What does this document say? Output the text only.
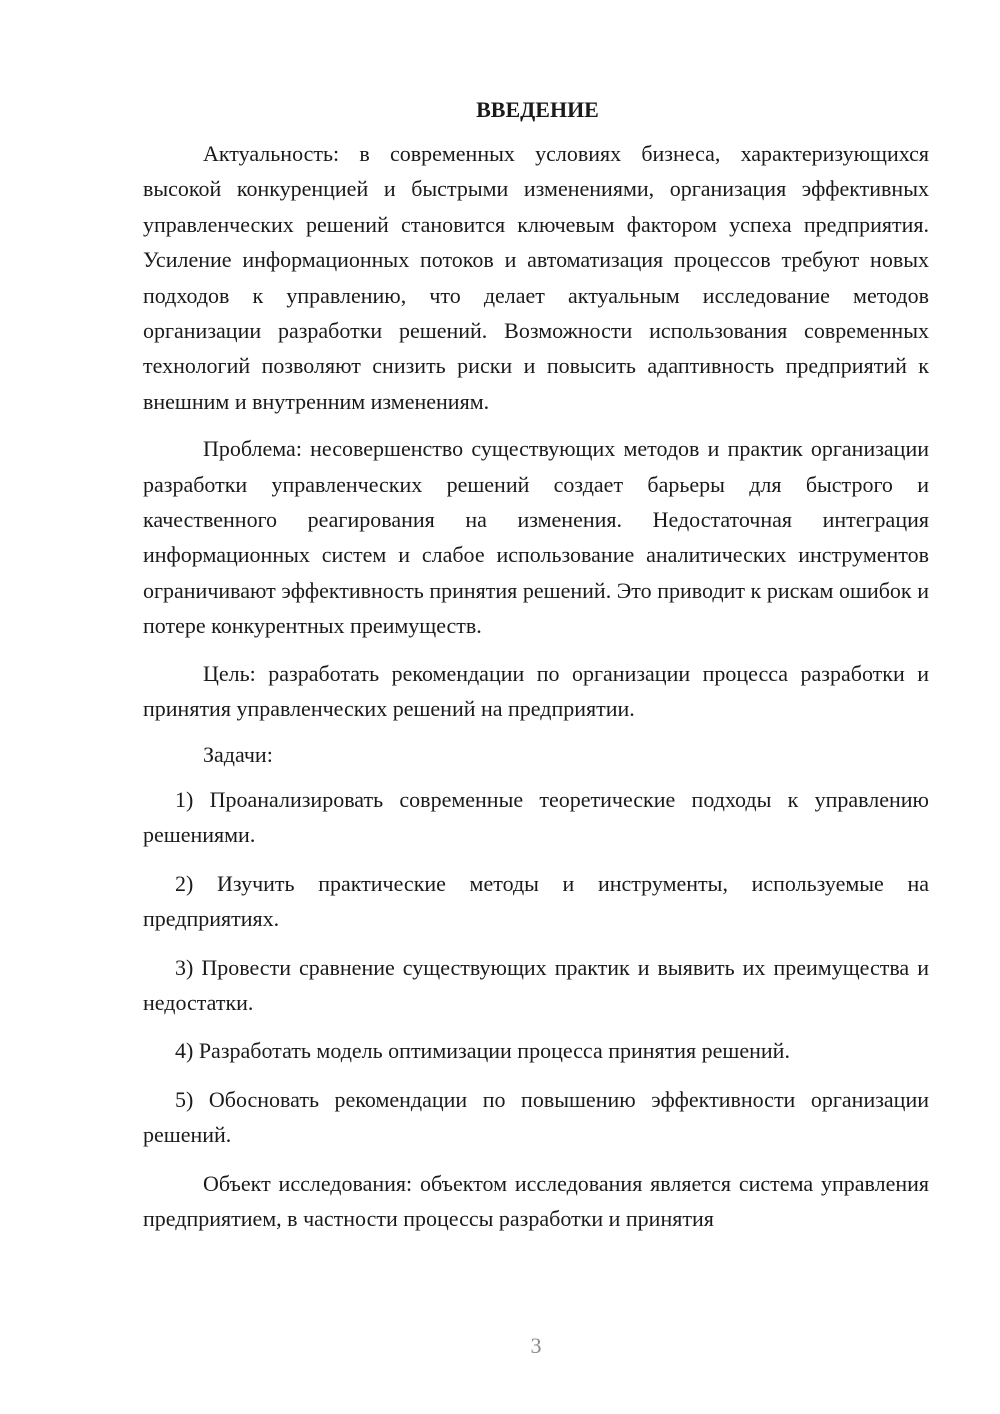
ВВЕДЕНИЕ

Актуальность: в современных условиях бизнеса, характеризующихся высокой конкуренцией и быстрыми изменениями, организация эффективных управленческих решений становится ключевым фактором успеха предприятия. Усиление информационных потоков и автоматизация процессов требуют новых подходов к управлению, что делает актуальным исследование методов организации разработки решений. Возможности использования современных технологий позволяют снизить риски и повысить адаптивность предприятий к внешним и внутренним изменениям.

Проблема: несовершенство существующих методов и практик организации разработки управленческих решений создает барьеры для быстрого и качественного реагирования на изменения. Недостаточная интеграция информационных систем и слабое использование аналитических инструментов ограничивают эффективность принятия решений. Это приводит к рискам ошибок и потере конкурентных преимуществ.

Цель: разработать рекомендации по организации процесса разработки и принятия управленческих решений на предприятии.

Задачи:

1) Проанализировать современные теоретические подходы к управлению решениями.

2) Изучить практические методы и инструменты, используемые на предприятиях.

3) Провести сравнение существующих практик и выявить их преимущества и недостатки.

4) Разработать модель оптимизации процесса принятия решений.

5) Обосновать рекомендации по повышению эффективности организации решений.

Объект исследования: объектом исследования является система управления предприятием, в частности процессы разработки и принятия

3
